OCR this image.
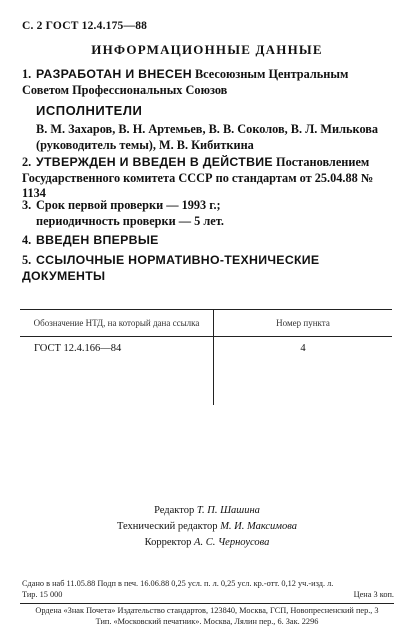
С. 2 ГОСТ 12.4.175—88
ИНФОРМАЦИОННЫЕ ДАННЫЕ
1. РАЗРАБОТАН И ВНЕСЕН Всесоюзным Центральным Советом Профессиональных Союзов
ИСПОЛНИТЕЛИ
В. М. Захаров, В. Н. Артемьев, В. В. Соколов, В. Л. Милькова (руководитель темы), М. В. Кибиткина
2. УТВЕРЖДЕН И ВВЕДЕН В ДЕЙСТВИЕ Постановлением Государственного комитета СССР по стандартам от 25.04.88 № 1134
3. Срок первой проверки — 1993 г.;
периодичность проверки — 5 лет.
4. ВВЕДЕН ВПЕРВЫЕ
5. ССЫЛОЧНЫЕ НОРМАТИВНО-ТЕХНИЧЕСКИЕ ДОКУМЕНТЫ
Обозначение НТД, на который дана ссылка	Номер пункта
ГОСТ 12.4.166—84	4

Редактор Т. П. Шашина
Технический редактор М. И. Максимова
Корректор А. С. Черноусова
Сдано в наб 11.05.88 Подп в печ. 16.06.88 0,25 усл. п. л. 0,25 усл. кр.-отт. 0,12 уч.-изд. л.
Тир. 15 000	Цена 3 коп.
Ордена «Знак Почета» Издательство стандартов, 123840, Москва, ГСП, Новопресненский пер., 3
Тип. «Московский печатник». Москва, Лялин пер., 6. Зак. 2296
